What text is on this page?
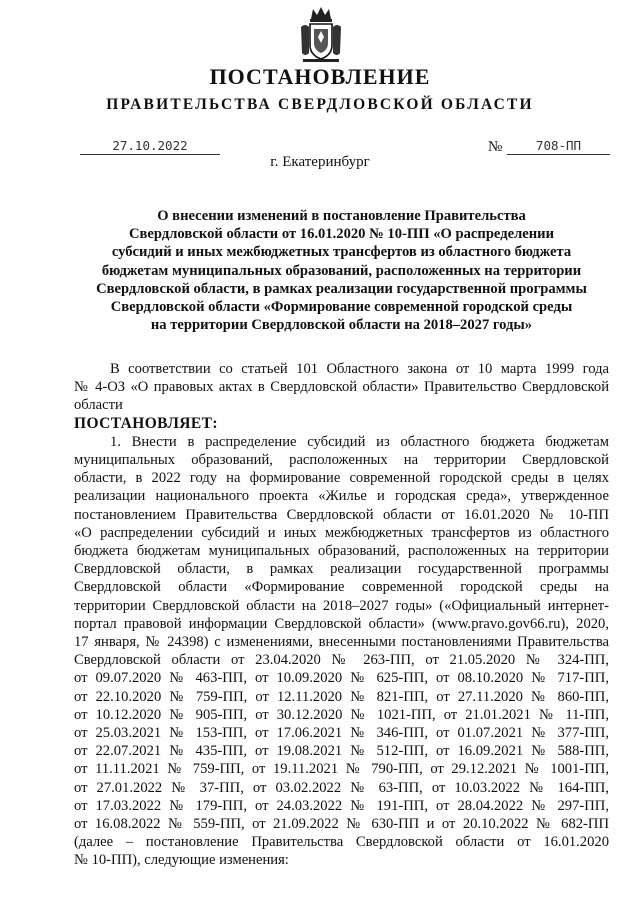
ПОСТАНОВЛЕНИЕ
ПРАВИТЕЛЬСТВА СВЕРДЛОВСКОЙ ОБЛАСТИ
27.10.2022	№	708-ПП
г. Екатеринбург
О внесении изменений в постановление Правительства
Свердловской области от 16.01.2020 № 10-ПП «О распределении
субсидий и иных межбюджетных трансфертов из областного бюджета
бюджетам муниципальных образований, расположенных на территории
Свердловской области, в рамках реализации государственной программы
Свердловской области «Формирование современной городской среды
на территории Свердловской области на 2018–2027 годы»
В соответствии со статьей 101 Областного закона от 10 марта 1999 года
№ 4-ОЗ «О правовых актах в Свердловской области» Правительство Свердловской
области
ПОСТАНОВЛЯЕТ:
1. Внести в распределение субсидий из областного бюджета бюджетам
муниципальных образований, расположенных на территории Свердловской
области, в 2022 году на формирование современной городской среды в целях
реализации национального проекта «Жилье и городская среда», утвержденное
постановлением Правительства Свердловской области от 16.01.2020 № 10-ПП
«О распределении субсидий и иных межбюджетных трансфертов из областного
бюджета бюджетам муниципальных образований, расположенных на территории
Свердловской области, в рамках реализации государственной программы
Свердловской области «Формирование современной городской среды на
территории Свердловской области на 2018–2027 годы» («Официальный интернет-
портал правовой информации Свердловской области» (www.pravo.gov66.ru), 2020,
17 января, № 24398) с изменениями, внесенными постановлениями Правительства
Свердловской области от 23.04.2020 № 263-ПП, от 21.05.2020 № 324-ПП,
от 09.07.2020 № 463-ПП, от 10.09.2020 № 625-ПП, от 08.10.2020 № 717-ПП,
от 22.10.2020 № 759-ПП, от 12.11.2020 № 821-ПП, от 27.11.2020 № 860-ПП,
от 10.12.2020 № 905-ПП, от 30.12.2020 № 1021-ПП, от 21.01.2021 № 11-ПП,
от 25.03.2021 № 153-ПП, от 17.06.2021 № 346-ПП, от 01.07.2021 № 377-ПП,
от 22.07.2021 № 435-ПП, от 19.08.2021 № 512-ПП, от 16.09.2021 № 588-ПП,
от 11.11.2021 № 759-ПП, от 19.11.2021 № 790-ПП, от 29.12.2021 № 1001-ПП,
от 27.01.2022 № 37-ПП, от 03.02.2022 № 63-ПП, от 10.03.2022 № 164-ПП,
от 17.03.2022 № 179-ПП, от 24.03.2022 № 191-ПП, от 28.04.2022 № 297-ПП,
от 16.08.2022 № 559-ПП, от 21.09.2022 № 630-ПП и от 20.10.2022 № 682-ПП
(далее – постановление Правительства Свердловской области от 16.01.2020
№ 10-ПП), следующие изменения:
